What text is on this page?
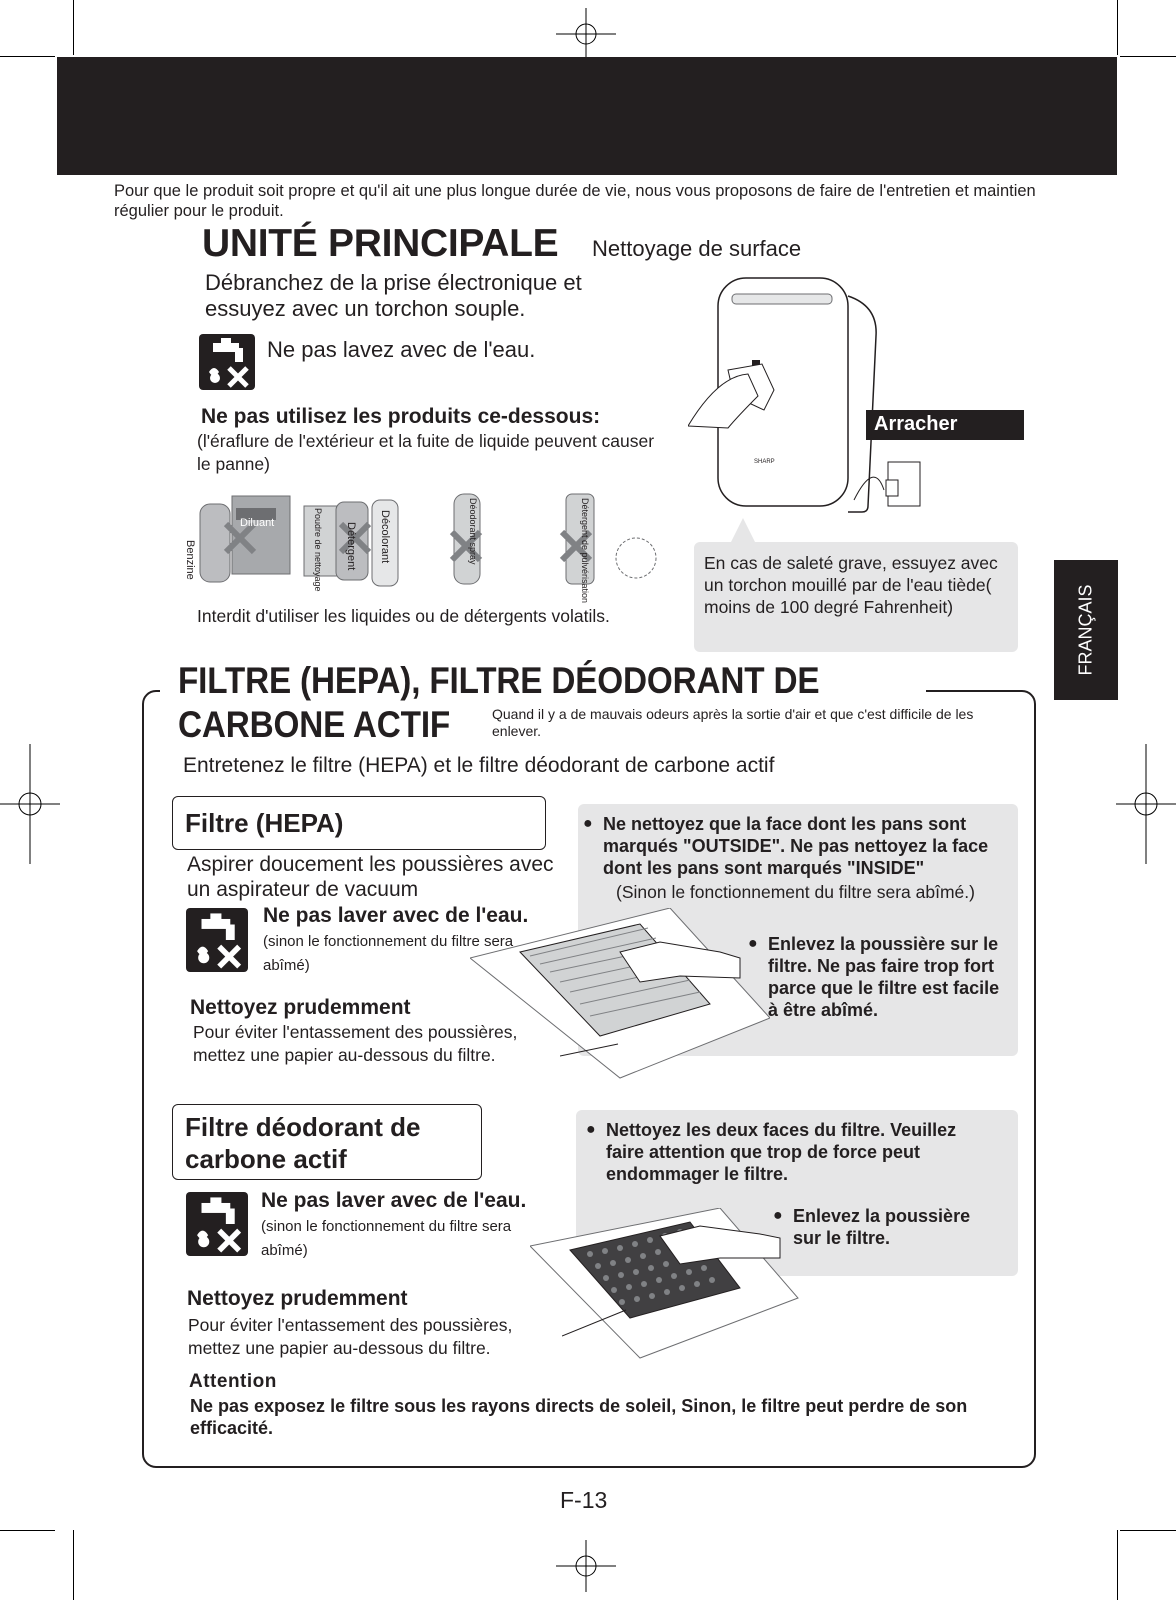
Pour que le produit soit propre et qu'il ait une plus longue durée de vie, nous vous proposons de faire de l'entretien et maintien régulier pour le produit.
UNITÉ PRINCIPALE Nettoyage de surface
Débranchez de la prise électronique et essuyez avec un torchon souple.
Ne pas lavez avec de l'eau.
Ne pas utilisez les produits ce-dessous:
(l'éraflure de l'extérieur et la fuite de liquide peuvent causer le panne)
Benzine
Diluant	Poudre de nettoyage Détergent Décolorant	Déodorant spray	Détergent de pulvérisation
Interdit d'utiliser les liquides ou de détergents volatils.
SHARP
Arracher
En cas de saleté grave, essuyez avec un torchon mouillé par de l'eau tiède( moins de 100 degré Fahrenheit)	FRANÇAIS
FILTRE (HEPA), FILTRE DÉODORANT DE
CARBONE ACTIF	Quand il y a de mauvais odeurs après la sortie d'air et que c'est difficile de les enlever.
Entretenez le filtre (HEPA) et le filtre déodorant de carbone actif
Filtre (HEPA)
Aspirer doucement les poussières avec un aspirateur de vacuum
Ne pas laver avec de l'eau. (sinon le fonctionnement du filtre sera abîmé)
Nettoyez prudemment
Pour éviter l'entassement des poussières, mettez une papier au-dessous du filtre.
● Ne nettoyez que la face dont les pans sont marqués "OUTSIDE". Ne pas nettoyez la face dont les pans sont marqués "INSIDE"
(Sinon le fonctionnement du filtre sera abîmé.)
● Enlevez la poussière sur le filtre. Ne pas faire trop fort parce que le filtre est facile à être abîmé.
Filtre déodorant de carbone actif
Ne pas laver avec de l'eau. (sinon le fonctionnement du filtre sera abîmé)
Nettoyez prudemment
Pour éviter l'entassement des poussières, mettez une papier au-dessous du filtre.
● Nettoyez les deux faces du filtre. Veuillez faire attention que trop de force peut endommager le filtre.
● Enlevez la poussière sur le filtre.
Attention
Ne pas exposez le filtre sous les rayons directs de soleil, Sinon, le filtre peut perdre de son efficacité.
F-13
